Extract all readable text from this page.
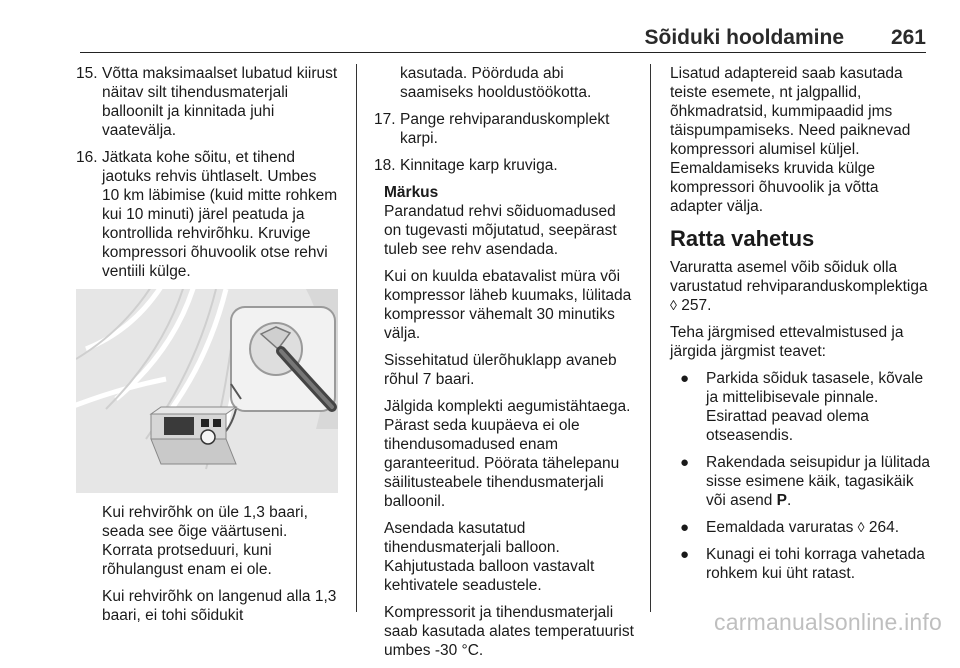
Sõiduki hooldamine 261
15. Võtta maksimaalset lubatud kiirust näitav silt tihendusmaterjali balloonilt ja kinnitada juhi vaatevälja.
16. Jätkata kohe sõitu, et tihend jaotuks rehvis ühtlaselt. Umbes 10 km läbimise (kuid mitte rohkem kui 10 minuti) järel peatuda ja kontrollida rehvirõhku. Kruvige kompressori õhuvoolik otse rehvi ventiili külge.

Kui rehvirõhk on üle 1,3 baari, seada see õige väärtuseni. Korrata protseduuri, kuni rõhulangust enam ei ole.

Kui rehvirõhk on langenud alla 1,3 baari, ei tohi sõidukit

kasutada. Pöörduda abi saamiseks hooldustöökotta.

17. Pange rehviparanduskomplekt karpi.
18. Kinnitage karp kruviga.
Märkus

Parandatud rehvi sõiduomadused on tugevasti mõjutatud, seepärast tuleb see rehv asendada.

Kui on kuulda ebatavalist müra või kompressor läheb kuumaks, lülitada kompressor vähemalt 30 minutiks välja.

Sissehitatud ülerõhuklapp avaneb rõhul 7 baari.

Jälgida komplekti aegumistähtaega. Pärast seda kuupäeva ei ole tihendusomadused enam garanteeritud. Pöörata tähelepanu säilitusteabele tihendusmaterjali balloonil.

Asendada kasutatud tihendusmaterjali balloon. Kahjutustada balloon vastavalt kehtivatele seadustele.

Kompressorit ja tihendusmaterjali saab kasutada alates temperatuurist umbes -30 °C.

Lisatud adaptereid saab kasutada teiste esemete, nt jalgpallid, õhkmadratsid, kummipaadid jms täispumpamiseks. Need paiknevad kompressori alumisel küljel. Eemaldamiseks kruvida külge kompressori õhuvoolik ja võtta adapter välja.

Ratta vahetus

Varuratta asemel võib sõiduk olla varustatud rehviparanduskomplektiga ◊ 257.

Teha järgmised ettevalmistused ja järgida järgmist teavet:

● Parkida sõiduk tasasele, kõvale ja mittelibisevale pinnale. Esirattad peavad olema otseasendis.
● Rakendada seisupidur ja lülitada sisse esimene käik, tagasikäik või asend P.
● Eemaldada varuratas ◊ 264.
● Kunagi ei tohi korraga vahetada rohkem kui üht ratast.
carmanualsonline.info
